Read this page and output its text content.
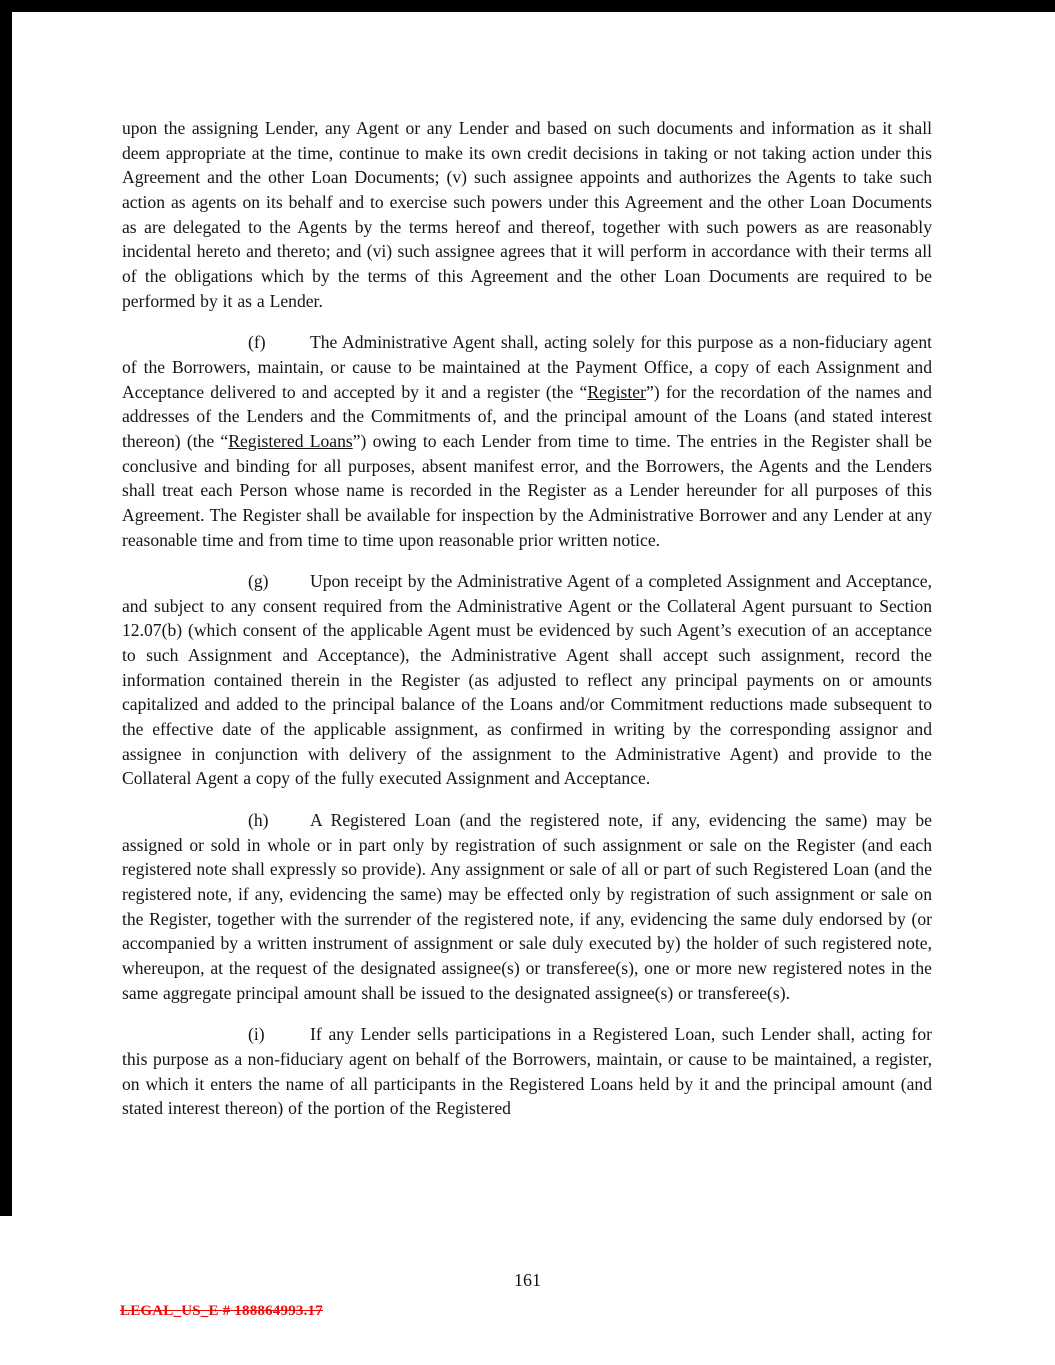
upon the assigning Lender, any Agent or any Lender and based on such documents and information as it shall deem appropriate at the time, continue to make its own credit decisions in taking or not taking action under this Agreement and the other Loan Documents; (v) such assignee appoints and authorizes the Agents to take such action as agents on its behalf and to exercise such powers under this Agreement and the other Loan Documents as are delegated to the Agents by the terms hereof and thereof, together with such powers as are reasonably incidental hereto and thereto; and (vi) such assignee agrees that it will perform in accordance with their terms all of the obligations which by the terms of this Agreement and the other Loan Documents are required to be performed by it as a Lender.

(f)	The Administrative Agent shall, acting solely for this purpose as a non-fiduciary agent of the Borrowers, maintain, or cause to be maintained at the Payment Office, a copy of each Assignment and Acceptance delivered to and accepted by it and a register (the “Register”) for the recordation of the names and addresses of the Lenders and the Commitments of, and the principal amount of the Loans (and stated interest thereon) (the “Registered Loans”) owing to each Lender from time to time. The entries in the Register shall be conclusive and binding for all purposes, absent manifest error, and the Borrowers, the Agents and the Lenders shall treat each Person whose name is recorded in the Register as a Lender hereunder for all purposes of this Agreement. The Register shall be available for inspection by the Administrative Borrower and any Lender at any reasonable time and from time to time upon reasonable prior written notice.

(g) Upon receipt by the Administrative Agent of a completed Assignment and Acceptance, and subject to any consent required from the Administrative Agent or the Collateral Agent pursuant to Section 12.07(b) (which consent of the applicable Agent must be evidenced by such Agent’s execution of an acceptance to such Assignment and Acceptance), the Administrative Agent shall accept such assignment, record the information contained therein in the Register (as adjusted to reflect any principal payments on or amounts capitalized and added to the principal balance of the Loans and/or Commitment reductions made subsequent to the effective date of the applicable assignment, as confirmed in writing by the corresponding assignor and assignee in conjunction with delivery of the assignment to the Administrative Agent) and provide to the Collateral Agent a copy of the fully executed Assignment and Acceptance.

(h) A Registered Loan (and the registered note, if any, evidencing the same) may be assigned or sold in whole or in part only by registration of such assignment or sale on the Register (and each registered note shall expressly so provide). Any assignment or sale of all or part of such Registered Loan (and the registered note, if any, evidencing the same) may be effected only by registration of such assignment or sale on the Register, together with the surrender of the registered note, if any, evidencing the same duly endorsed by (or accompanied by a written instrument of assignment or sale duly executed by) the holder of such registered note, whereupon, at the request of the designated assignee(s) or transferee(s), one or more new registered notes in the same aggregate principal amount shall be issued to the designated assignee(s) or transferee(s).

(i)	If any Lender sells participations in a Registered Loan, such Lender shall, acting for this purpose as a non-fiduciary agent on behalf of the Borrowers, maintain, or cause to be maintained, a register, on which it enters the name of all participants in the Registered Loans held by it and the principal amount (and stated interest thereon) of the portion of the Registered

161
LEGAL_US_E # 188864993.17
